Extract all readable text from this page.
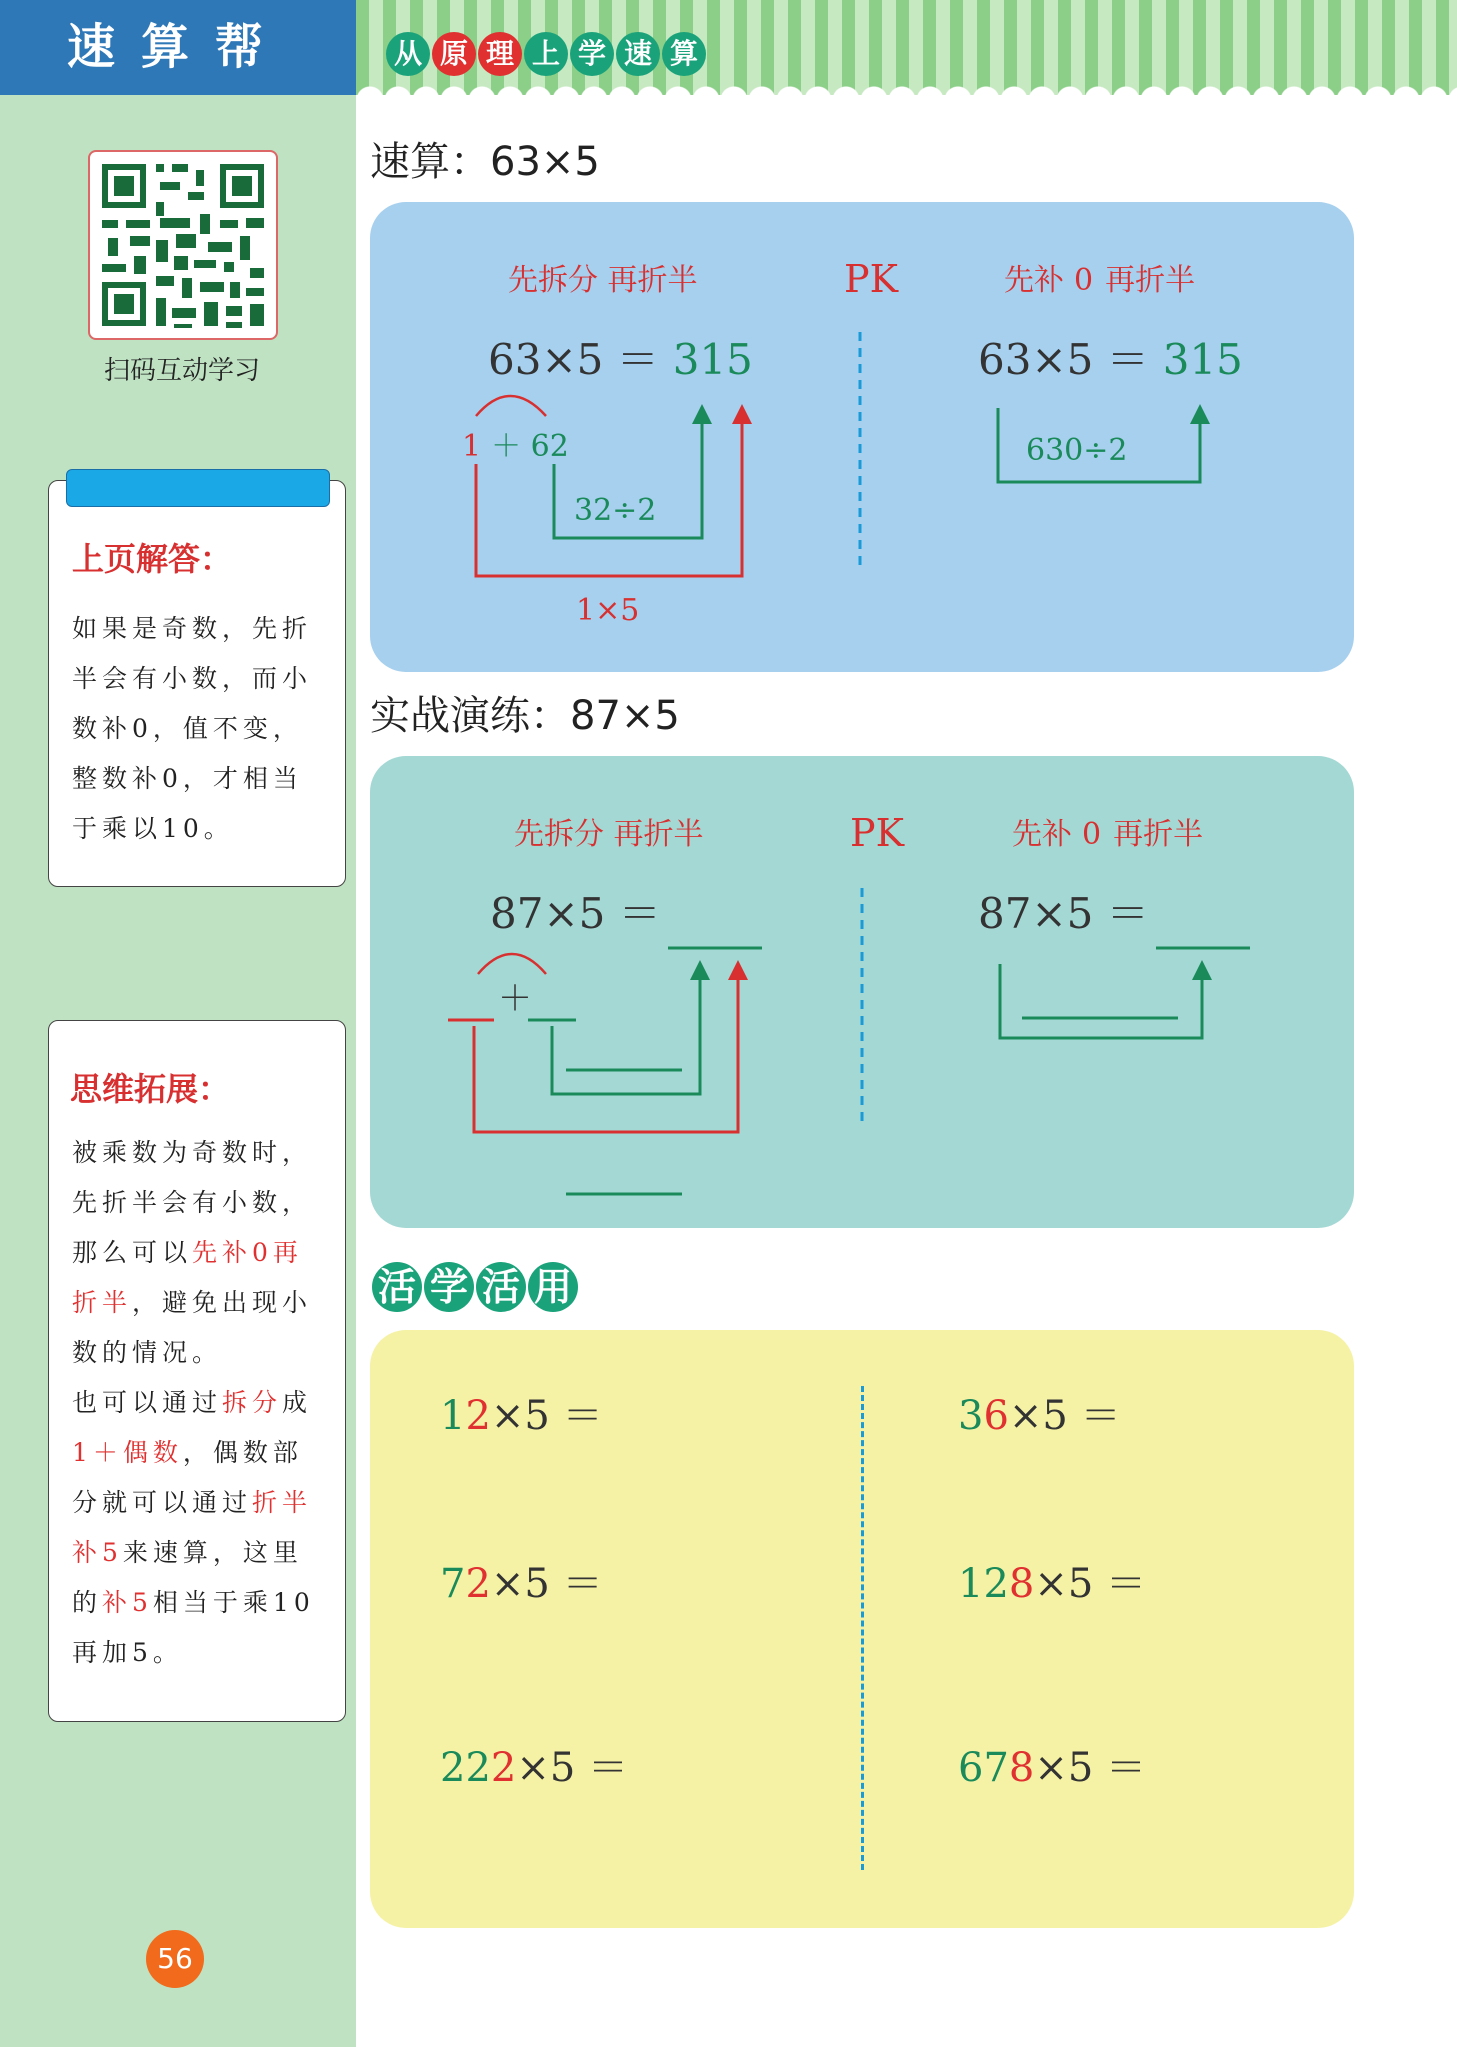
速算帮	从 原 理 上 学 速 算
扫码互动学习
上页解答：
如果是奇数，先折
半会有小数，而小
数补0，值不变，
整数补0，才相当
于乘以10。
思维拓展：
被乘数为奇数时，
先折半会有小数，
那么可以先补0再
折半，避免出现小
数的情况。
也可以通过拆分成
1＋偶数，偶数部
分就可以通过折半
补5来速算，这里
的补5相当于乘10
再加5。
56
速算：63×5
先拆分 再折半	PK	先补 0 再折半
63×5 ＝ 315
1 ＋ 62
32÷2
1×5
63×5 ＝ 315
630÷2
实战演练：87×5
先拆分 再折半	PK	先补 0 再折半
87×5 ＝
＋
87×5 ＝
活 学 活 用
12×5 ＝	36×5 ＝
72×5 ＝	128×5 ＝
222×5 ＝	678×5 ＝
